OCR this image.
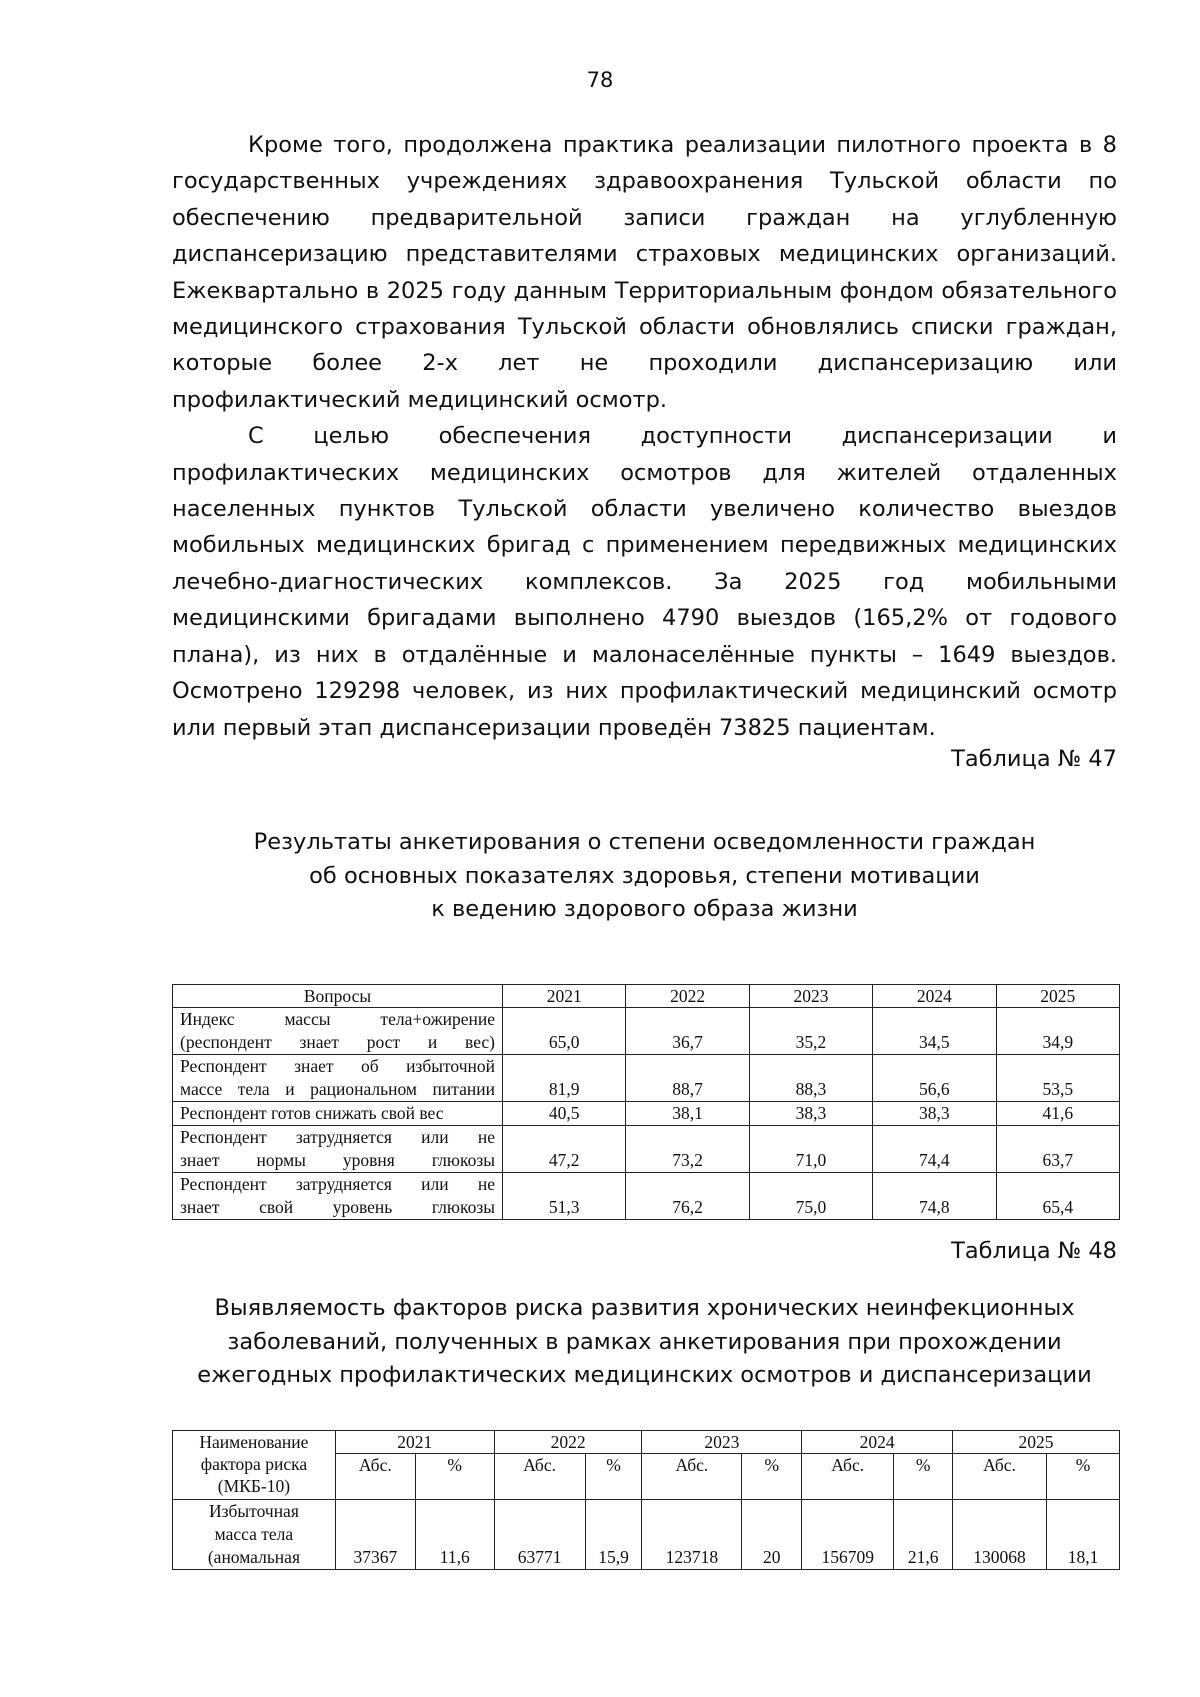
78

Кроме того, продолжена практика реализации пилотного проекта в 8 государственных учреждениях здравоохранения Тульской области по обеспечению предварительной записи граждан на углубленную диспансеризацию представителями страховых медицинских организаций. Ежеквартально в 2025 году данным Территориальным фондом обязательного медицинского страхования Тульской области обновлялись списки граждан, которые более 2-х лет не проходили диспансеризацию или профилактический медицинский осмотр.

С целью обеспечения доступности диспансеризации и профилактических медицинских осмотров для жителей отдаленных населенных пунктов Тульской области увеличено количество выездов мобильных медицинских бригад с применением передвижных медицинских лечебно-диагностических комплексов. За 2025 год мобильными медицинскими бригадами выполнено 4790 выездов (165,2% от годового плана), из них в отдалённые и малонаселённые пункты – 1649 выездов. Осмотрено 129298 человек, из них профилактический медицинский осмотр или первый этап диспансеризации проведён 73825 пациентам.

Таблица № 47
Результаты анкетирования о степени осведомленности граждан
об основных показателях здоровья, степени мотивации
к ведению здорового образа жизни
Вопросы	2021	2022	2023	2024	2025
Индекс массы тела+ожирение
(респондент знает рост и вес)	65,0	36,7	35,2	34,5	34,9
Респондент знает об избыточной
массе тела и рациональном питании	81,9	88,7	88,3	56,6	53,5
Респондент готов снижать свой вес	40,5	38,1	38,3	38,3	41,6
Респондент затрудняется или не
знает нормы уровня глюкозы	47,2	73,2	71,0	74,4	63,7
Респондент затрудняется или не
знает свой уровень глюкозы	51,3	76,2	75,0	74,8	65,4
Таблица № 48
Выявляемость факторов риска развития хронических неинфекционных
заболеваний, полученных в рамках анкетирования при прохождении
ежегодных профилактических медицинских осмотров и диспансеризации
Наименование
фактора риска
(МКБ-10)	2021		2022		2023		2024		2025	
	Абс.	%	Абс.	%	Абс.	%	Абс.	%	Абс.	%
Избыточная
масса тела
(аномальная	37367	11,6	63771	15,9	123718	20	156709	21,6	130068	18,1
